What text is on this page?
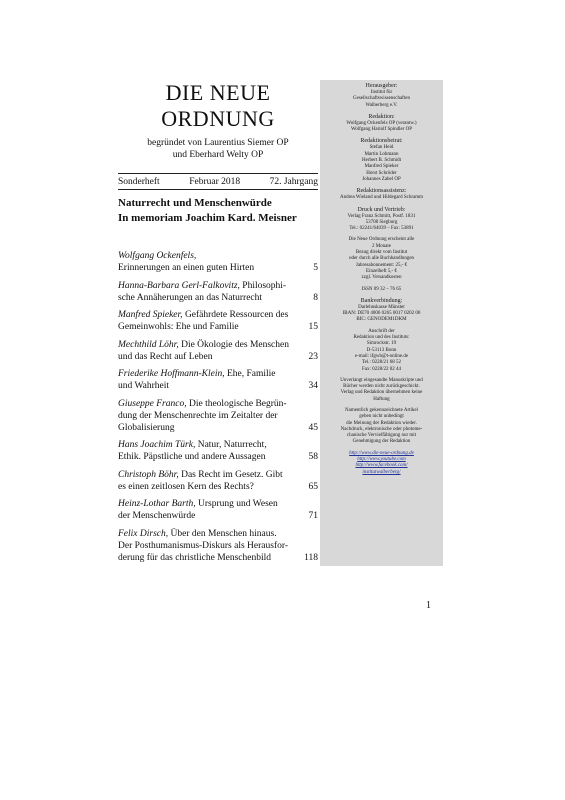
DIE NEUE
ORDNUNG
begründet von Laurentius Siemer OP
und Eberhard Welty OP
Sonderheft	Februar 2018	72. Jahrgang
Naturrecht und Menschenwürde
In memoriam Joachim Kard. Meisner
Wolfgang Ockenfels,
Erinnerungen an einen guten Hirten	5
Hanna-Barbara Gerl-Falkovitz, Philosophi-
sche Annäherungen an das Naturrecht	8
Manfred Spieker, Gefährdete Ressourcen des
Gemeinwohls: Ehe und Familie	15
Mechthild Löhr, Die Ökologie des Menschen
und das Recht auf Leben	23
Friederike Hoffmann-Klein, Ehe, Familie
und Wahrheit	34
Giuseppe Franco, Die theologische Begrün-
dung der Menschenrechte im Zeitalter der
Globalisierung	45
Hans Joachim Türk, Natur, Naturrecht,
Ethik. Päpstliche und andere Aussagen	58
Christoph Böhr, Das Recht im Gesetz. Gibt
es einen zeitlosen Kern des Rechts?	65
Heinz-Lothar Barth, Ursprung und Wesen
der Menschenwürde	71
Felix Dirsch, Über den Menschen hinaus.
Der Posthumanismus-Diskurs als Herausfor-
derung für das christliche Menschenbild	118
Herausgeber:
Institut für
Gesellschaftswissenschaften
Walberberg e.V.
Redaktion:
Wolfgang Ockenfels OP (verantw.)
Wolfgang Hariolf Spindler OP
Redaktionsbeirat:
Stefan Heid
Martin Lohmann
Herbert B. Schmidt
Manfred Spieker
Horst Schröder
Johannes Zabel OP
Redaktionsassistenz:
Andrea Wieland und Hildegard Schramm
Druck und Vertrieb:
Verlag Franz Schmitt, Postf. 1831
53708 Siegburg
Tel.: 02241/64039 – Fax: 53891
Die Neue Ordnung erscheint alle
2 Monate
Bezug direkt vom Institut
oder durch alle Buchhandlungen
Jahresabonnement: 25,- €
Einzelheft 5,- €
zzgl. Versandkosten
ISSN 09 32 – 76 65
Bankverbindung:
Darlehnskasse Münster
IBAN: DE70 4006 0265 0017 0202 00
BIC: GENODEM1DKM
Anschrift der
Redaktion und des Instituts:
Simrockstr. 19
D-53113 Bonn
e-mail: ifgwb@t-online.de
Tel.: 0228/21 68 52
Fax: 0228/22 02 44
Unverlangt eingesandte Manuskripte und
Bücher werden nicht zurückgeschickt.
Verlag und Redaktion übernehmen keine
Haftung
Namentlich gekennzeichnete Artikel
geben nicht unbedingt
die Meinung der Redaktion wieder.
Nachdruck, elektronische oder photome-
chanische Vervielfältigung nur mit
Genehmigung der Redaktion
http://www.die-neue-ordnung.de
http://www.youtube.com
http://www.facebook.com/
institutwalberberg/
1
